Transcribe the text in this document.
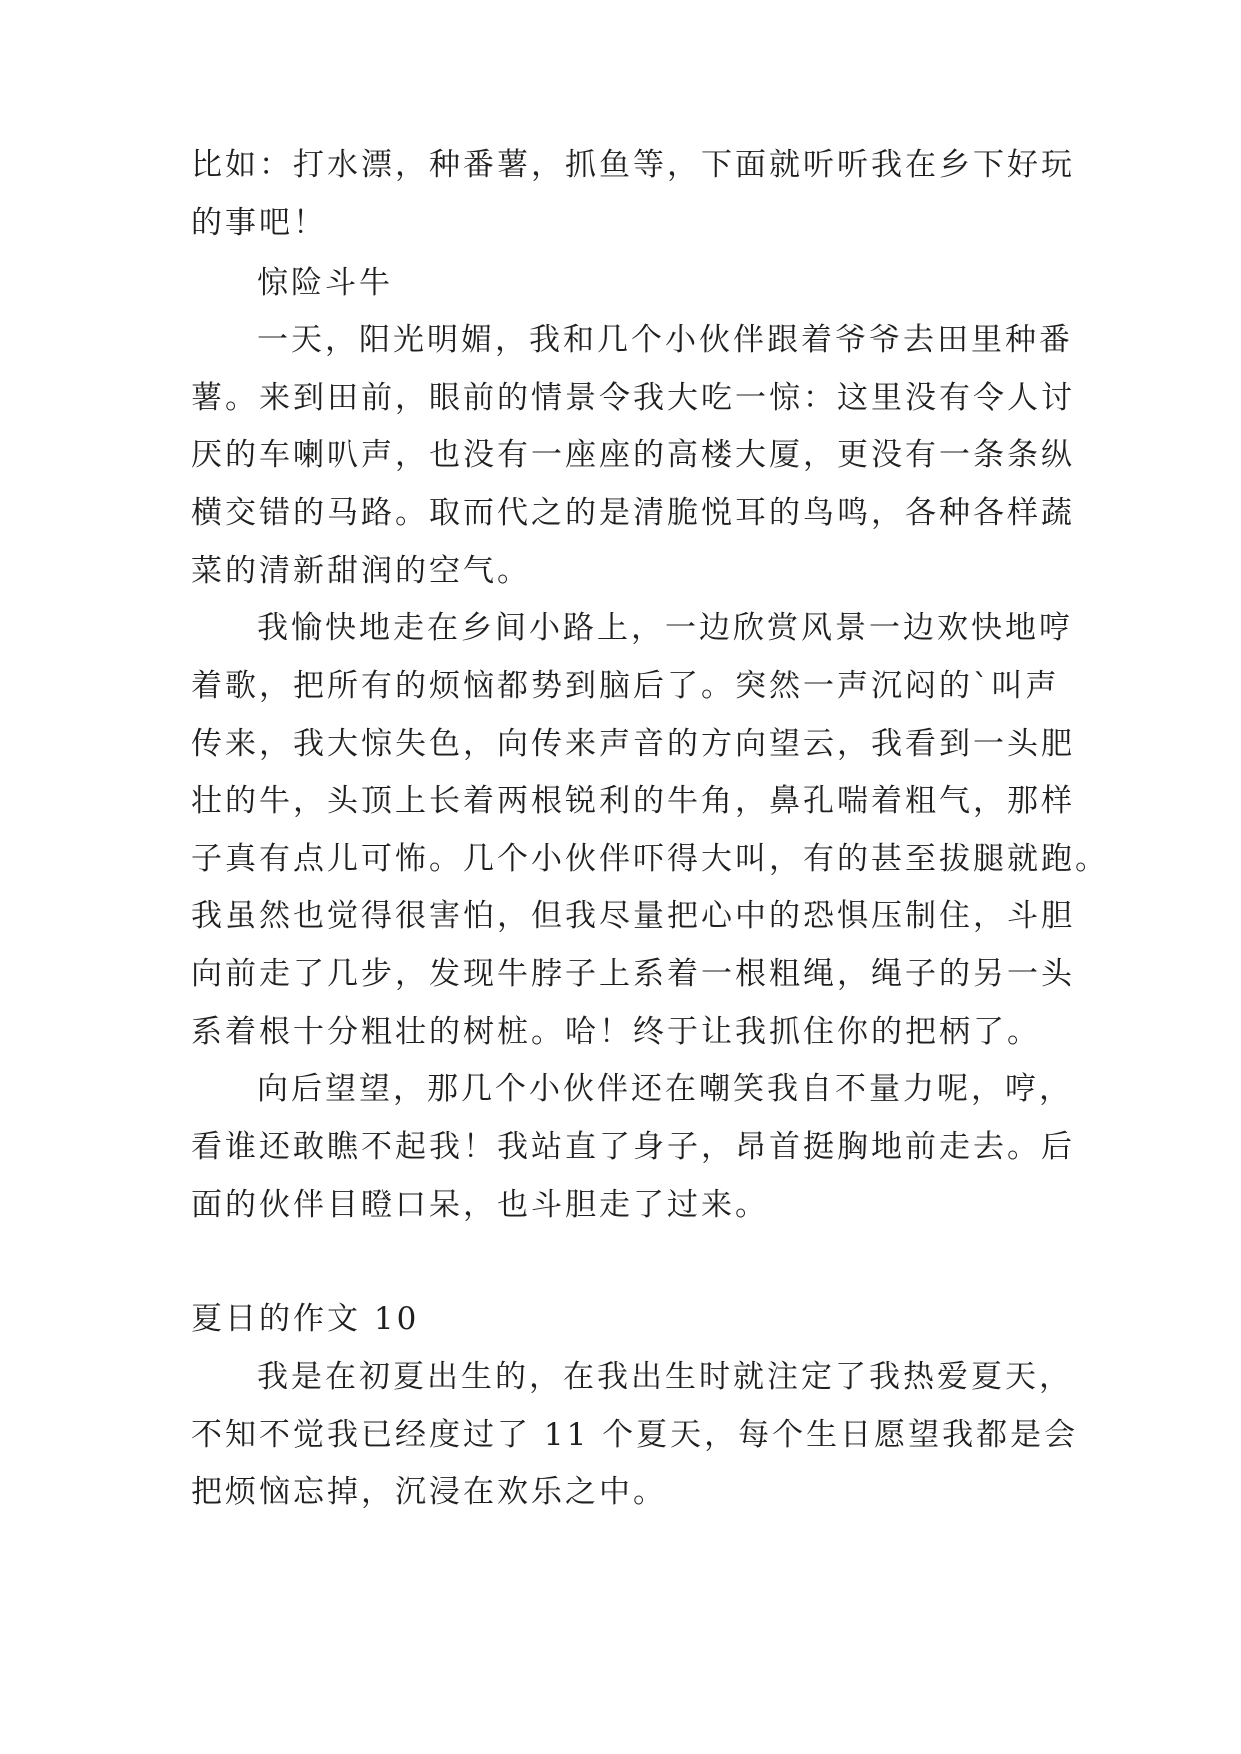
比如：打水漂，种番薯，抓鱼等，下面就听听我在乡下好玩
的事吧！
惊险斗牛
一天，阳光明媚，我和几个小伙伴跟着爷爷去田里种番
薯。来到田前，眼前的情景令我大吃一惊：这里没有令人讨
厌的车喇叭声，也没有一座座的高楼大厦，更没有一条条纵
横交错的马路。取而代之的是清脆悦耳的鸟鸣，各种各样蔬
菜的清新甜润的空气。
我愉快地走在乡间小路上，一边欣赏风景一边欢快地哼
着歌，把所有的烦恼都势到脑后了。突然一声沉闷的`叫声
传来，我大惊失色，向传来声音的方向望云，我看到一头肥
壮的牛，头顶上长着两根锐利的牛角，鼻孔喘着粗气，那样
子真有点儿可怖。几个小伙伴吓得大叫，有的甚至拔腿就跑。
我虽然也觉得很害怕，但我尽量把心中的恐惧压制住，斗胆
向前走了几步，发现牛脖子上系着一根粗绳，绳子的另一头
系着根十分粗壮的树桩。哈！终于让我抓住你的把柄了。
向后望望，那几个小伙伴还在嘲笑我自不量力呢，哼，
看谁还敢瞧不起我！我站直了身子，昂首挺胸地前走去。后
面的伙伴目瞪口呆，也斗胆走了过来。
夏日的作文 10
我是在初夏出生的，在我出生时就注定了我热爱夏天，
不知不觉我已经度过了 11 个夏天，每个生日愿望我都是会
把烦恼忘掉，沉浸在欢乐之中。
